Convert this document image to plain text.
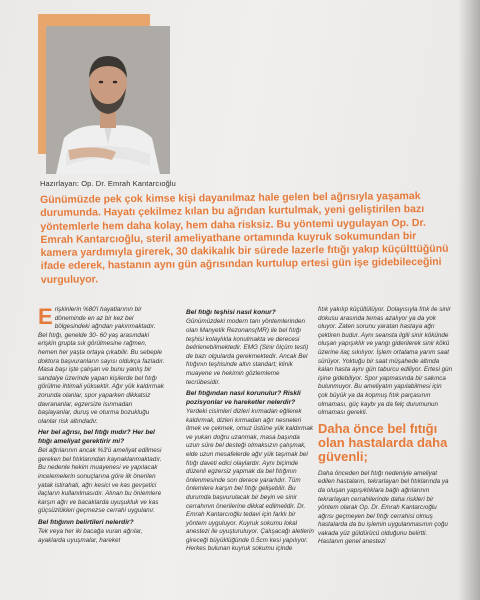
Hazırlayan: Op. Dr. Emrah Kantarcıoğlu
Günümüzde pek çok kimse kişi dayanılmaz hale gelen bel ağrısıyla yaşamak durumunda. Hayatı çekilmez kılan bu ağrıdan kurtulmak, yeni geliştirilen bazı yöntemlerle hem daha kolay, hem daha risksiz. Bu yöntemi uygulayan Op. Dr. Emrah Kantarcıoğlu, steril ameliyathane ortamında kuyruk sokumundan bir kamera yardımıyla girerek, 30 dakikalık bir sürede lazerle fıtığı yakıp küçülttüğünü ifade ederek, hastanın aynı gün ağrısından kurtulup ertesi gün işe gidebileceğini vurguluyor.

Erişkinlerin %80'i hayatlarının bir döneminde en az bir kez bel bölgesindeki ağrıdan yakınmaktadır. Bel fıtığı, genelde 30- 60 yaş arasındaki erişkin grupta sık görülmesine rağmen, hemen her yaşta ortaya çıkabilir. Bu sebeple doktora başvuranların sayısı oldukça fazladır. Masa başı işte çalışan ve bunu yanlış bir sandalye üzerinde yapan kişilerde bel fıtığı görülme ihtimali yüksektir. Ağır yük kaldırmak zorunda olanlar, spor yaparken dikkatsiz davrananlar, egzersize isınmadan başlayanlar, duruş ve oturma bozukluğu olanlar risk altındadır.

Her bel ağrısı, bel fıtığı mıdır? Her bel fıtığı ameliyat gerektirir mi?

Bel ağrılarının ancak %3'ü ameliyat edilmesi gereken bel fıtıklarından kaynaklanmaktadır. Bu nedenle hekim muayenesi ve yapılacak incelemelerin sonuçlarına göre ilk önerilen yatak istirahati, ağrı kesici ve kas gevşetici ilaçların kullanılmasıdır. Alınan bu önlemlere karşın ağrı ve bacaklarda uyuşukluk ve kas güçsüzlükleri geçmezse cerrahi uygulanır.

Bel fıtığının belirtileri nelerdir?

Tek veya her iki bacağa vuran ağrılar, ayaklarda uyuşmalar, hareket

Bel fıtığı teşhisi nasıl konur?

Günümüzdeki modern tanı yöntemlerinden olan Manyetik Rezonans(MR) ile bel fıtığı teşhisi kolaylıkla konulmakta ve derecesi belirlenebilmektedir. EMG (Sinir ölçüm testi) de bazı olgularda gerekmektedir. Ancak Bel fıtığının teşhisinde altın standart; klinik muayene ve hekimin gözlemleme tecrübesidir.

Bel fıtığından nasıl korunulur? Riskli pozisyonlar ve hareketler nelerdir?

Yerdeki cisimleri dizleri kırmadan eğilerek kaldırmak, dizleri kırmadan ağır nesneleri itmek ve çekmek, omuz üstüne yük kaldırmak ve yukarı doğru uzanmak, masa başında uzun süre bel desteği olmaksızın çalışmak, elde uzun mesafelerde ağır yük taşımak bel fıtığı daveti edici olaylardır. Aynı biçimde düzenli egzersiz yapmak da bel fıtığının önlenmesinde son derece yararlıdır. Tüm önlemlere karşın bel fıtığı gelişebilir. Bu durumda başvurulacak bir beyin ve sinir cerrahının önerilerine dikkat edilmelidir. Dr. Emrah Kantarcıoğlu tedavi için farklı bir yöntem uyguluyor. Kuyruk sokumu lokal anestezi ile uyuşturuluyor. Çalışacağı aletlerin gireceği büyüklüğünde 0.5cm kesi yapılıyor. Herkes bulunan kuyruk sokumu içinde

fıtık yakılıp küçültülüyor. Dolayısıyla fıtık ile sinir dokusu arasında temas azalıyor ya da yok oluyor. Zaten sorunu yaratan hastaya ağrı çektiren budur. Aynı seansta ilgili sinir kökünde oluşan yapışıklık ve yangı giderilerek sinir kökü üzerine ilaç sıkılıyor. İşlem ortalama yarım saat sürüyor. Yoktuğu bir saat müşahede altında kalan hasta aynı gün taburcu ediliyor. Ertesi gün işine gidebiliyor. Spor yapmasında bir sakınca bulunmuyor. Bu ameliyatın yapılabilmesi için çok büyük ya da kopmuş fıtık parçasının olmaması, güç kaybı ya da felç durumunun olmaması gerekli.

Daha önce bel fıtığı olan hastalarda daha güvenli;

Daha önceden bel fıtığı nedeniyle ameliyat edilen hastaların, tekrarlayan bel fıtıklarında ya da oluşan yapışıklıklara bağlı ağrılarının tekrarlayan cerrahilerinde daha riskleri bir yöntem olarak Op. Dr. Emrah Kantarcıoğlu ağrısı geçmeyen bel fıtığı cerrahisi olmuş hastalarda da bu işlemin uygulanmasının çoğu vakada yüz güldürücü olduğunu belirtti. Hastanın genel anestezi
